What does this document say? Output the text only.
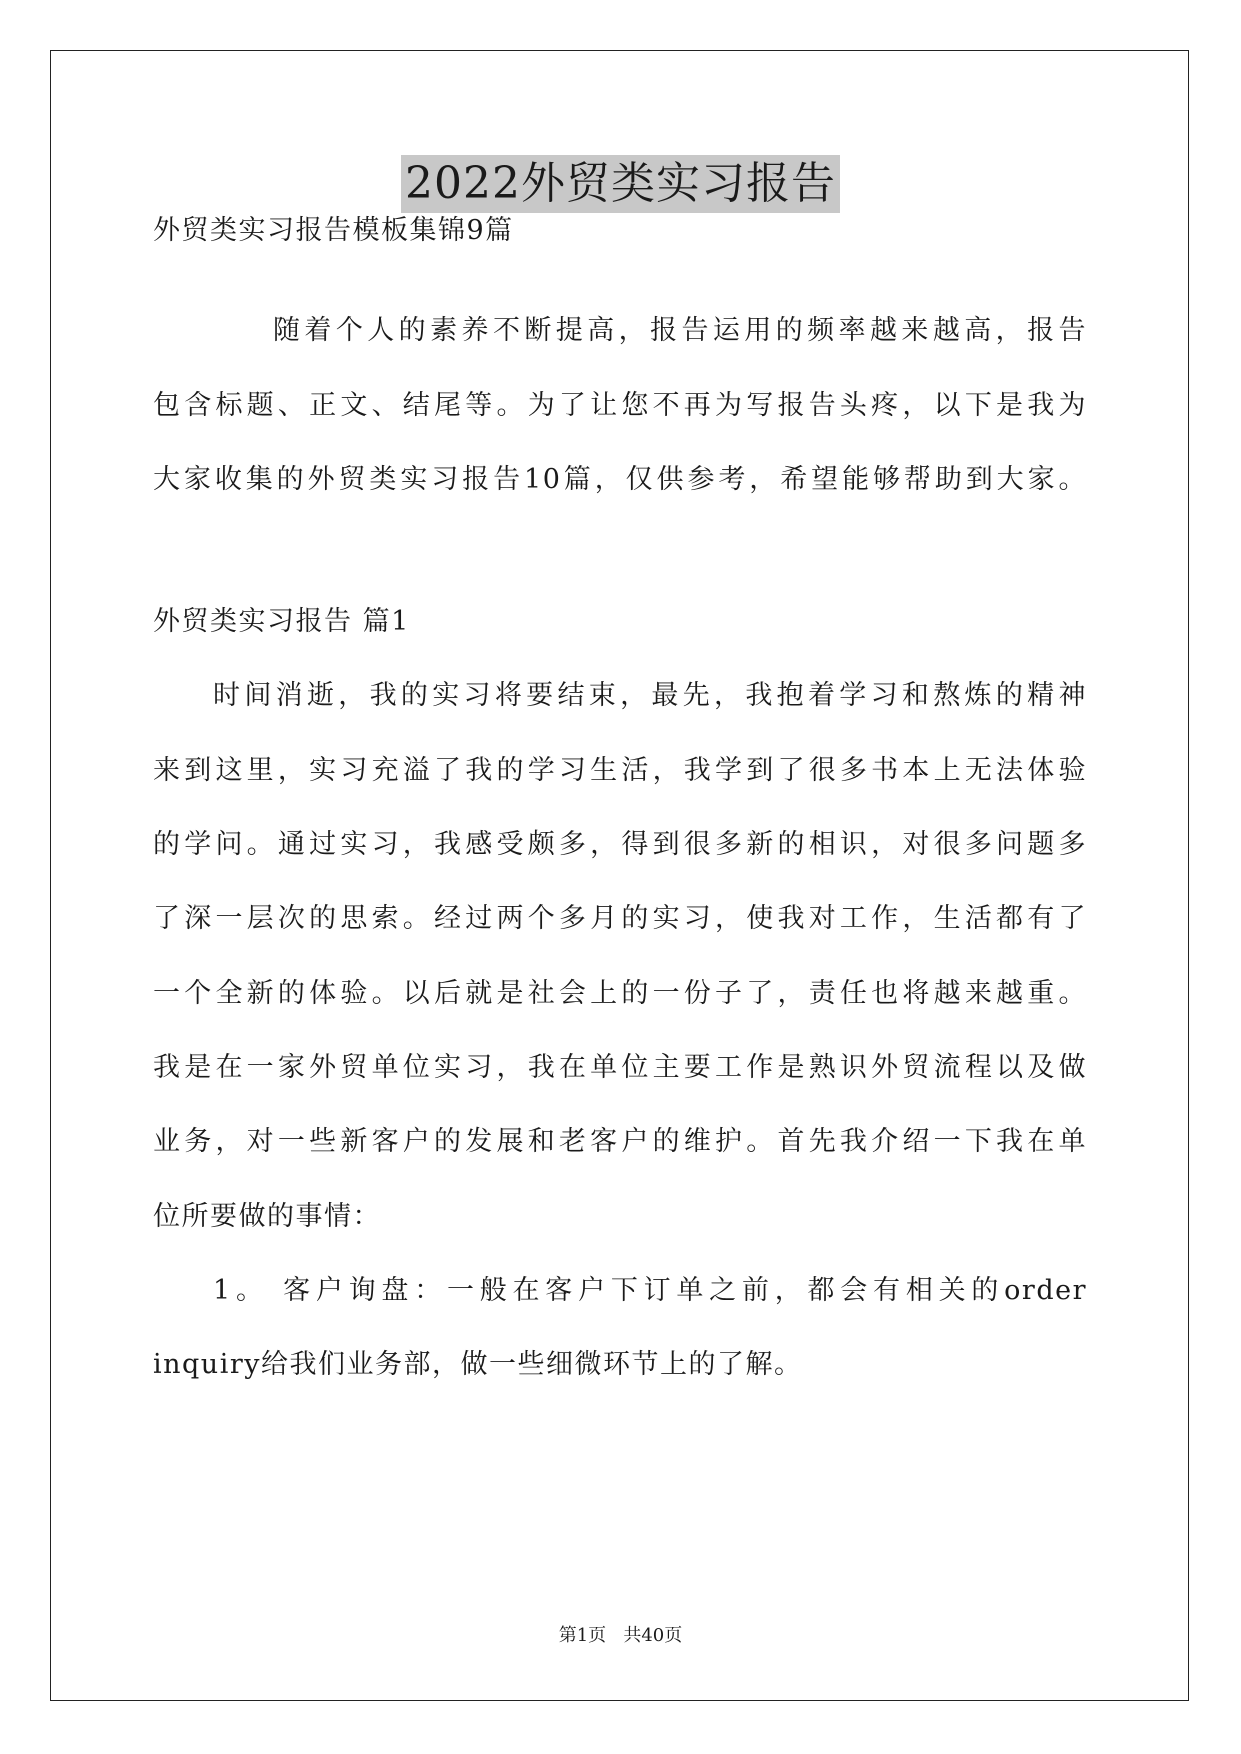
2022外贸类实习报告
外贸类实习报告模板集锦9篇
随着个人的素养不断提高，报告运用的频率越来越高，报告
包含标题、正文、结尾等。为了让您不再为写报告头疼，以下是我为
大家收集的外贸类实习报告10篇，仅供参考，希望能够帮助到大家。
外贸类实习报告 篇1
时间消逝，我的实习将要结束，最先，我抱着学习和熬炼的精神
来到这里，实习充溢了我的学习生活，我学到了很多书本上无法体验
的学问。通过实习，我感受颇多，得到很多新的相识，对很多问题多
了深一层次的思索。经过两个多月的实习，使我对工作，生活都有了
一个全新的体验。以后就是社会上的一份子了，责任也将越来越重。
我是在一家外贸单位实习，我在单位主要工作是熟识外贸流程以及做
业务，对一些新客户的发展和老客户的维护。首先我介绍一下我在单
位所要做的事情：
1。 客户询盘：一般在客户下订单之前，都会有相关的order
inquiry给我们业务部，做一些细微环节上的了解。
第1页   共40页
